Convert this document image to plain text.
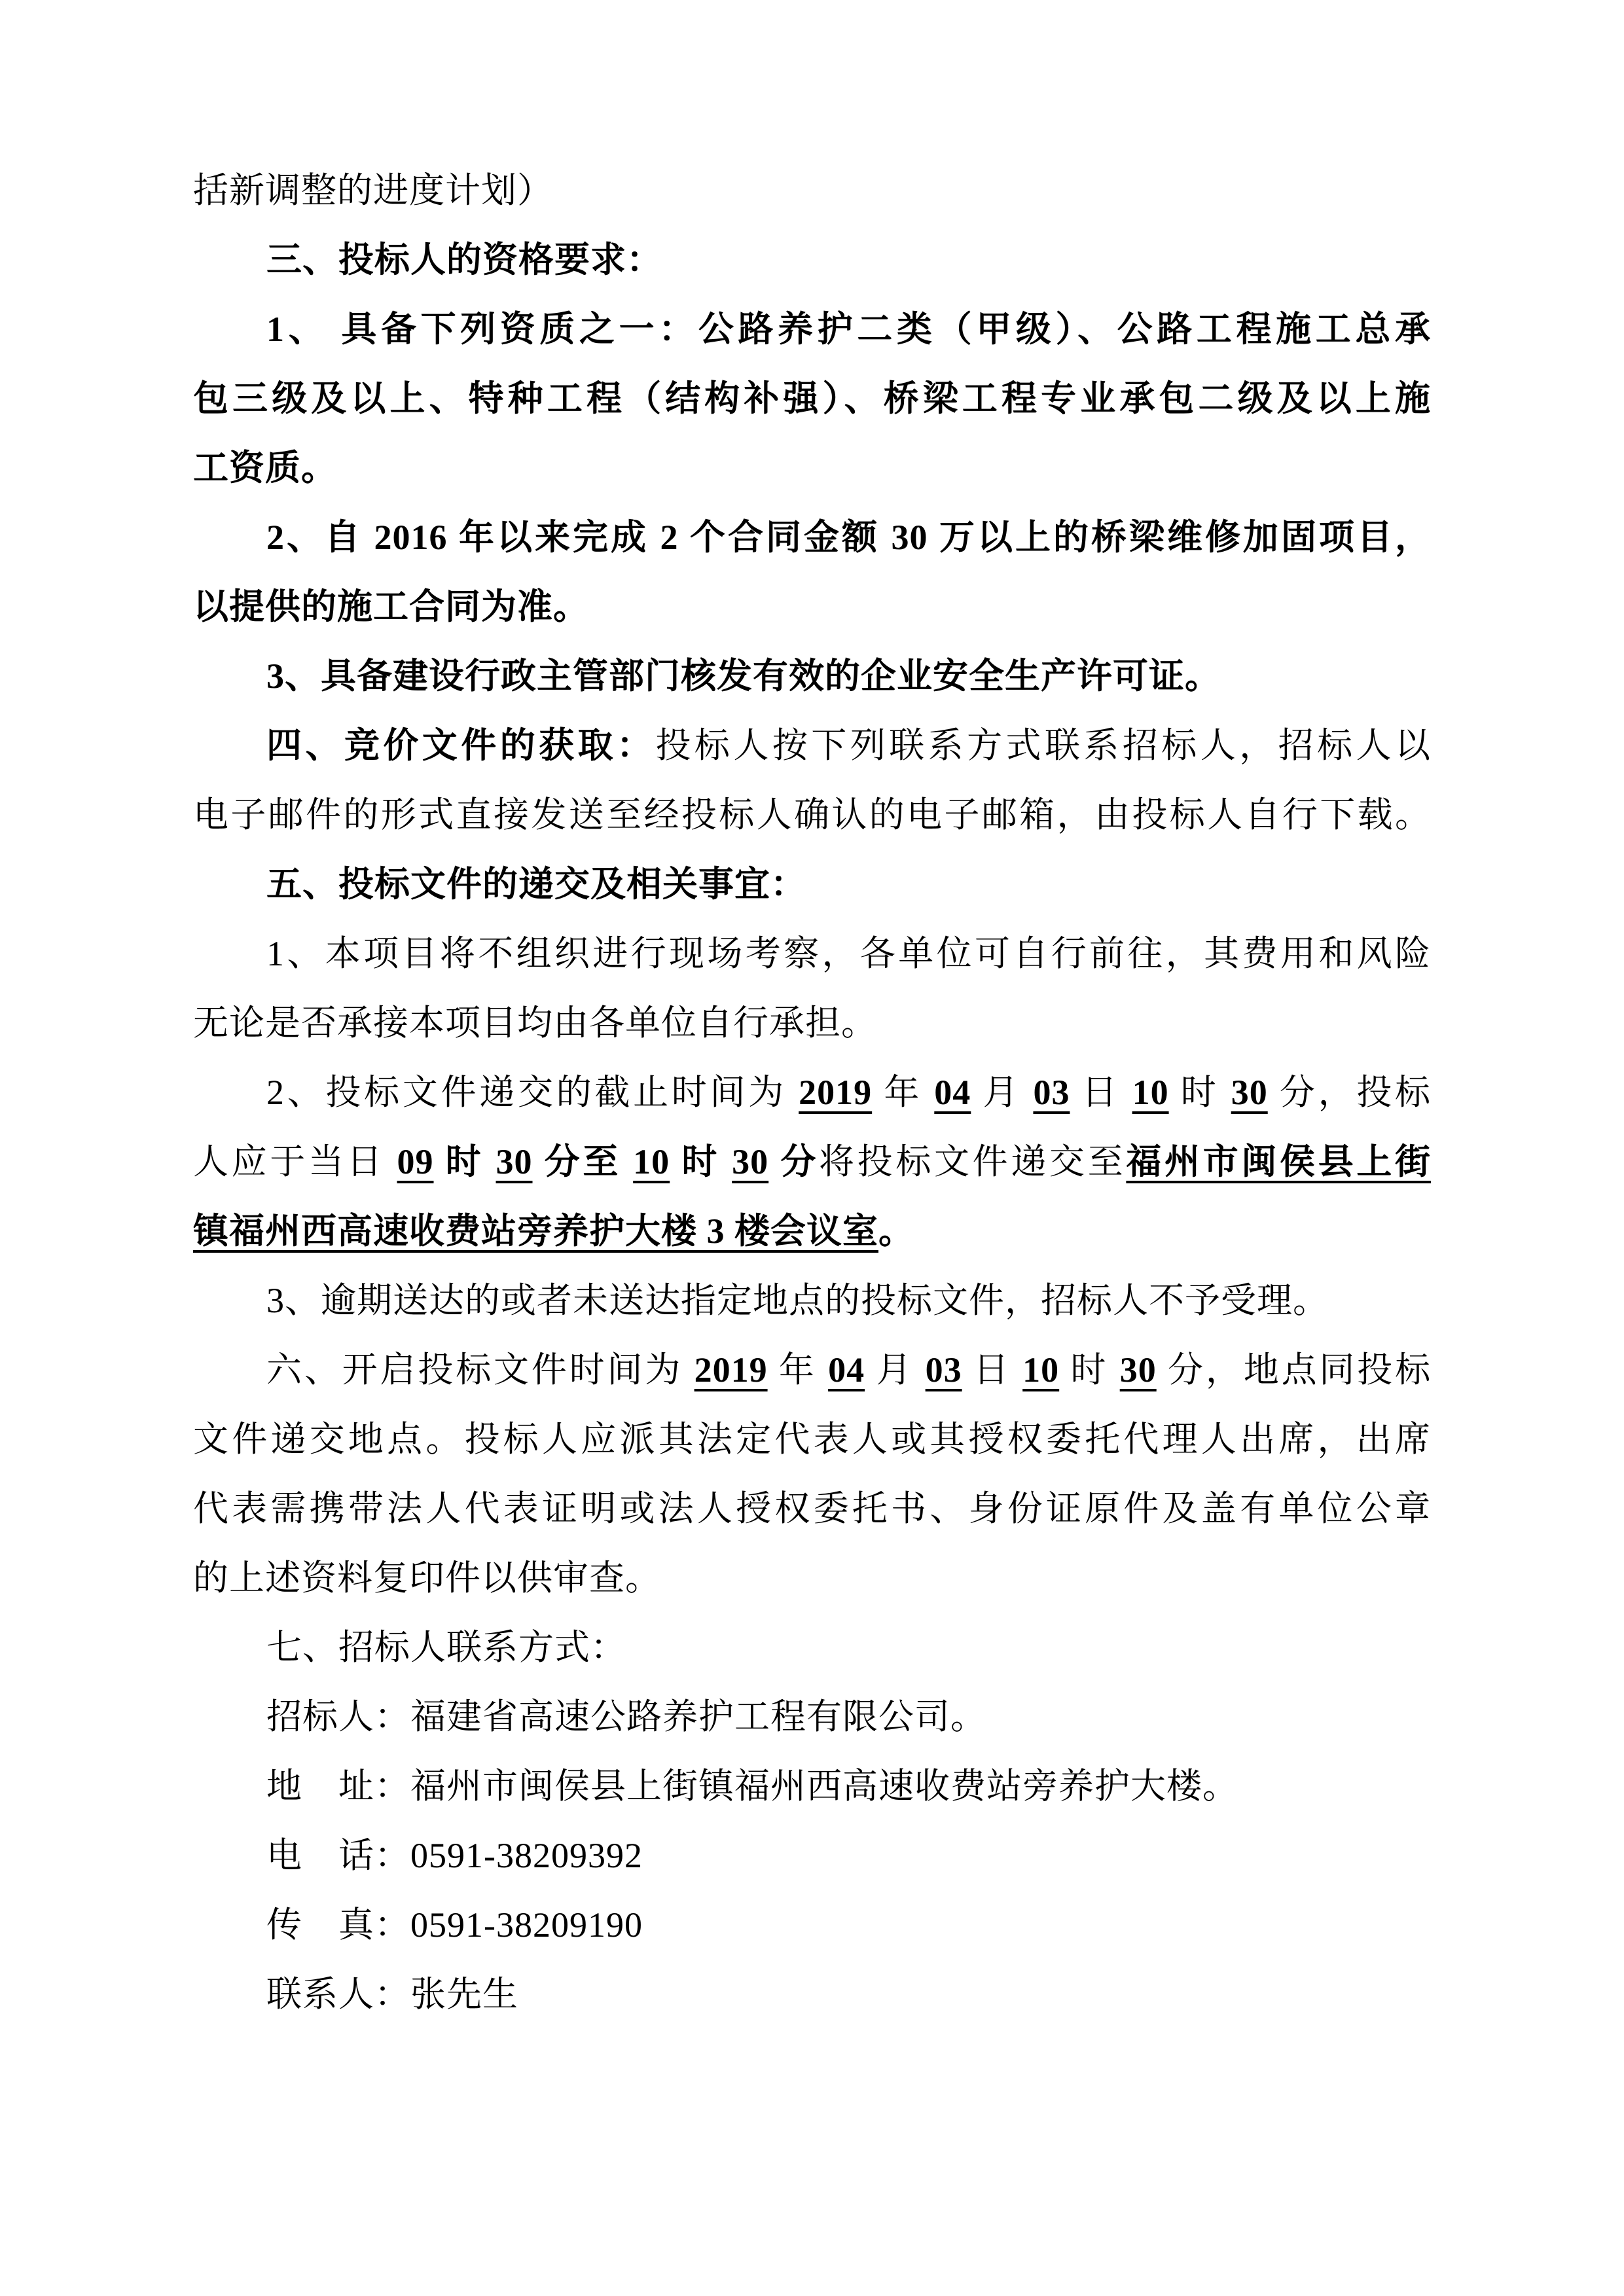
括新调整的进度计划）
三、投标人的资格要求：
1、 具备下列资质之一：公路养护二类（甲级）、公路工程施工总承
包三级及以上、特种工程（结构补强）、桥梁工程专业承包二级及以上施
工资质。
2、自 2016 年以来完成 2 个合同金额 30 万以上的桥梁维修加固项目，
以提供的施工合同为准。
3、具备建设行政主管部门核发有效的企业安全生产许可证。
四、竞价文件的获取：投标人按下列联系方式联系招标人，招标人以
电子邮件的形式直接发送至经投标人确认的电子邮箱，由投标人自行下载。
五、投标文件的递交及相关事宜：
1、本项目将不组织进行现场考察，各单位可自行前往，其费用和风险
无论是否承接本项目均由各单位自行承担。
2、投标文件递交的截止时间为 2019 年 04 月 03 日 10 时 30 分，投标
人应于当日 09 时 30 分至 10 时 30 分将投标文件递交至福州市闽侯县上街
镇福州西高速收费站旁养护大楼 3 楼会议室。
3、逾期送达的或者未送达指定地点的投标文件，招标人不予受理。
六、开启投标文件时间为 2019 年 04 月 03 日 10 时 30 分，地点同投标
文件递交地点。投标人应派其法定代表人或其授权委托代理人出席，出席
代表需携带法人代表证明或法人授权委托书、身份证原件及盖有单位公章
的上述资料复印件以供审查。
七、招标人联系方式：
招标人：福建省高速公路养护工程有限公司。
地　址：福州市闽侯县上街镇福州西高速收费站旁养护大楼。
电　话：0591-38209392
传　真：0591-38209190
联系人：张先生
